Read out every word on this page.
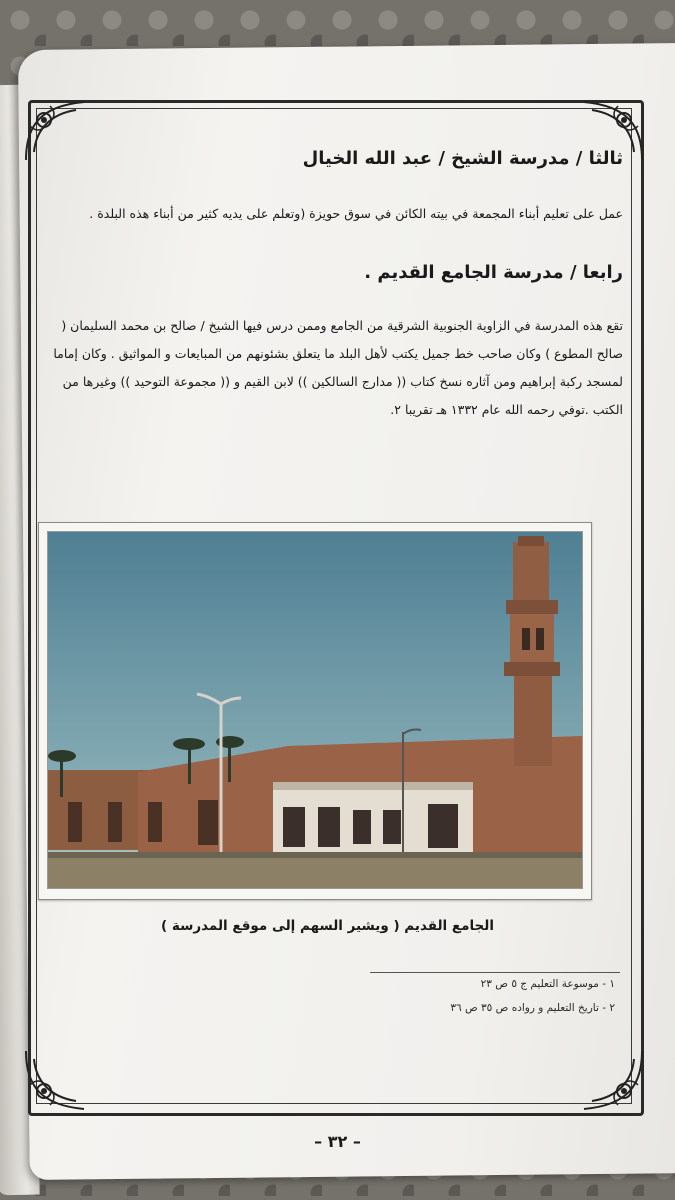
ثالثا / مدرسة الشيخ / عبد الله الخيال
عمل على تعليم أبناء المجمعة في بيته الكائن في سوق حويزة (وتعلم على يديه كثير من أبناء هذه البلدة .
رابعا / مدرسة الجامع القديم .
تقع هذه المدرسة في الزاوية الجنوبية الشرقية من الجامع وممن درس فيها الشيخ / صالح بن محمد السليمان ( صالح المطوع ) وكان صاحب خط جميل يكتب لأهل البلد ما يتعلق بشئونهم من المبايعات و المواثيق . وكان إماما لمسجد ركبة إبراهيم ومن آثاره نسخ كتاب (( مدارج السالكين )) لابن القيم و (( مجموعة التوحيد )) وغيرها من الكتب .توفي رحمه الله عام ١٣٣٢ هـ تقريبا ٢.
الجامع القديم ( ويشير السهم إلى موقع المدرسة )
١ - موسوعة التعليم ج ٥ ص ٢٣
٢ - تاريخ التعليم و رواده ص ٣٥ ص ٣٦
– ٣٢ –
